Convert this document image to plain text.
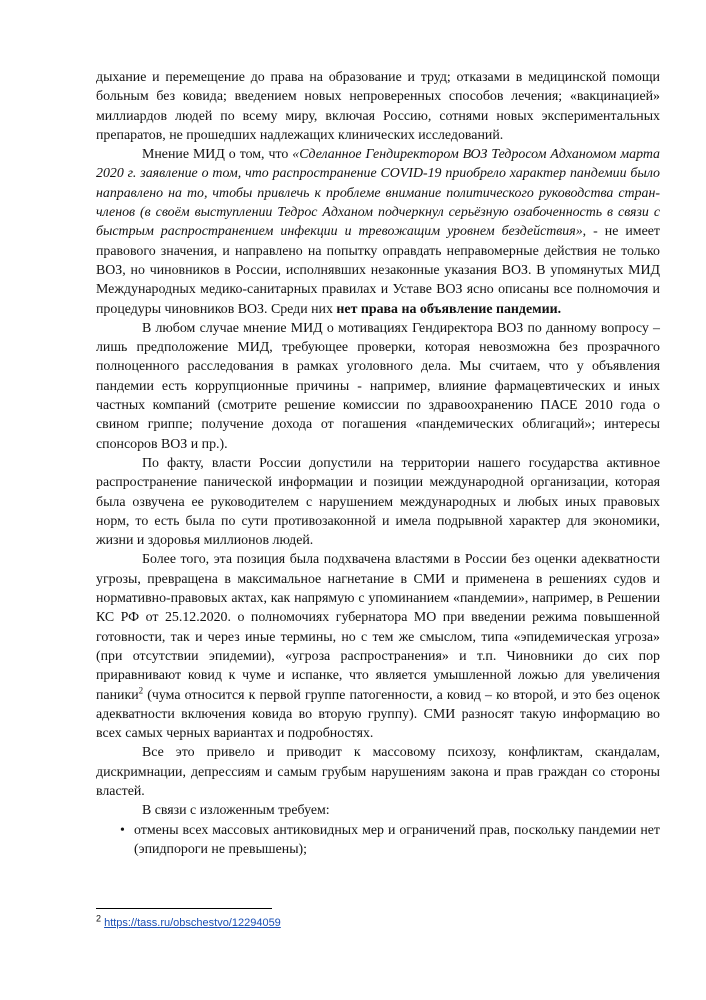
дыхание и перемещение до права на образование и труд; отказами в медицинской помощи больным без ковида; введением новых непроверенных способов лечения; «вакцинацией» миллиардов людей по всему миру, включая Россию, сотнями новых экспериментальных препаратов, не прошедших надлежащих клинических исследований.

Мнение МИД о том, что «Сделанное Гендиректором ВОЗ Тедросом Адханомом марта 2020 г. заявление о том, что распространение COVID-19 приобрело характер пандемии было направлено на то, чтобы привлечь к проблеме внимание политического руководства стран-членов (в своём выступлении Тедрос Адханом подчеркнул серьёзную озабоченность в связи с быстрым распространением инфекции и тревожащим уровнем бездействия», - не имеет правового значения, и направлено на попытку оправдать неправомерные действия не только ВОЗ, но чиновников в России, исполнявших незаконные указания ВОЗ. В упомянутых МИД Международных медико-санитарных правилах и Уставе ВОЗ ясно описаны все полномочия и процедуры чиновников ВОЗ. Среди них нет права на объявление пандемии.

В любом случае мнение МИД о мотивациях Гендиректора ВОЗ по данному вопросу – лишь предположение МИД, требующее проверки, которая невозможна без прозрачного полноценного расследования в рамках уголовного дела. Мы считаем, что у объявления пандемии есть коррупционные причины - например, влияние фармацевтических и иных частных компаний (смотрите решение комиссии по здравоохранению ПАСЕ 2010 года о свином гриппе; получение дохода от погашения «пандемических облигаций»; интересы спонсоров ВОЗ и пр.).

По факту, власти России допустили на территории нашего государства активное распространение панической информации и позиции международной организации, которая была озвучена ее руководителем с нарушением международных и любых иных правовых норм, то есть была по сути противозаконной и имела подрывной характер для экономики, жизни и здоровья миллионов людей.

Более того, эта позиция была подхвачена властями в России без оценки адекватности угрозы, превращена в максимальное нагнетание в СМИ и применена в решениях судов и нормативно-правовых актах, как напрямую с упоминанием «пандемии», например, в Решении КС РФ от 25.12.2020. о полномочиях губернатора МО при введении режима повышенной готовности, так и через иные термины, но с тем же смыслом, типа «эпидемическая угроза» (при отсутствии эпидемии), «угроза распространения» и т.п. Чиновники до сих пор приравнивают ковид к чуме и испанке, что является умышленной ложью для увеличения паники$^2$ (чума относится к первой группе патогенности, а ковид – ко второй, и это без оценок адекватности включения ковида во вторую группу). СМИ разносят такую информацию во всех самых черных вариантах и подробностях.

Все это привело и приводит к массовому психозу, конфликтам, скандалам, дискримнации, депрессиям и самым грубым нарушениям закона и прав граждан со стороны властей.

В связи с изложенным требуем:

• отмены всех массовых антиковидных мер и ограничений прав, поскольку пандемии нет (эпидпороги не превышены);

$^2$ https://tass.ru/obschestvo/12294059
